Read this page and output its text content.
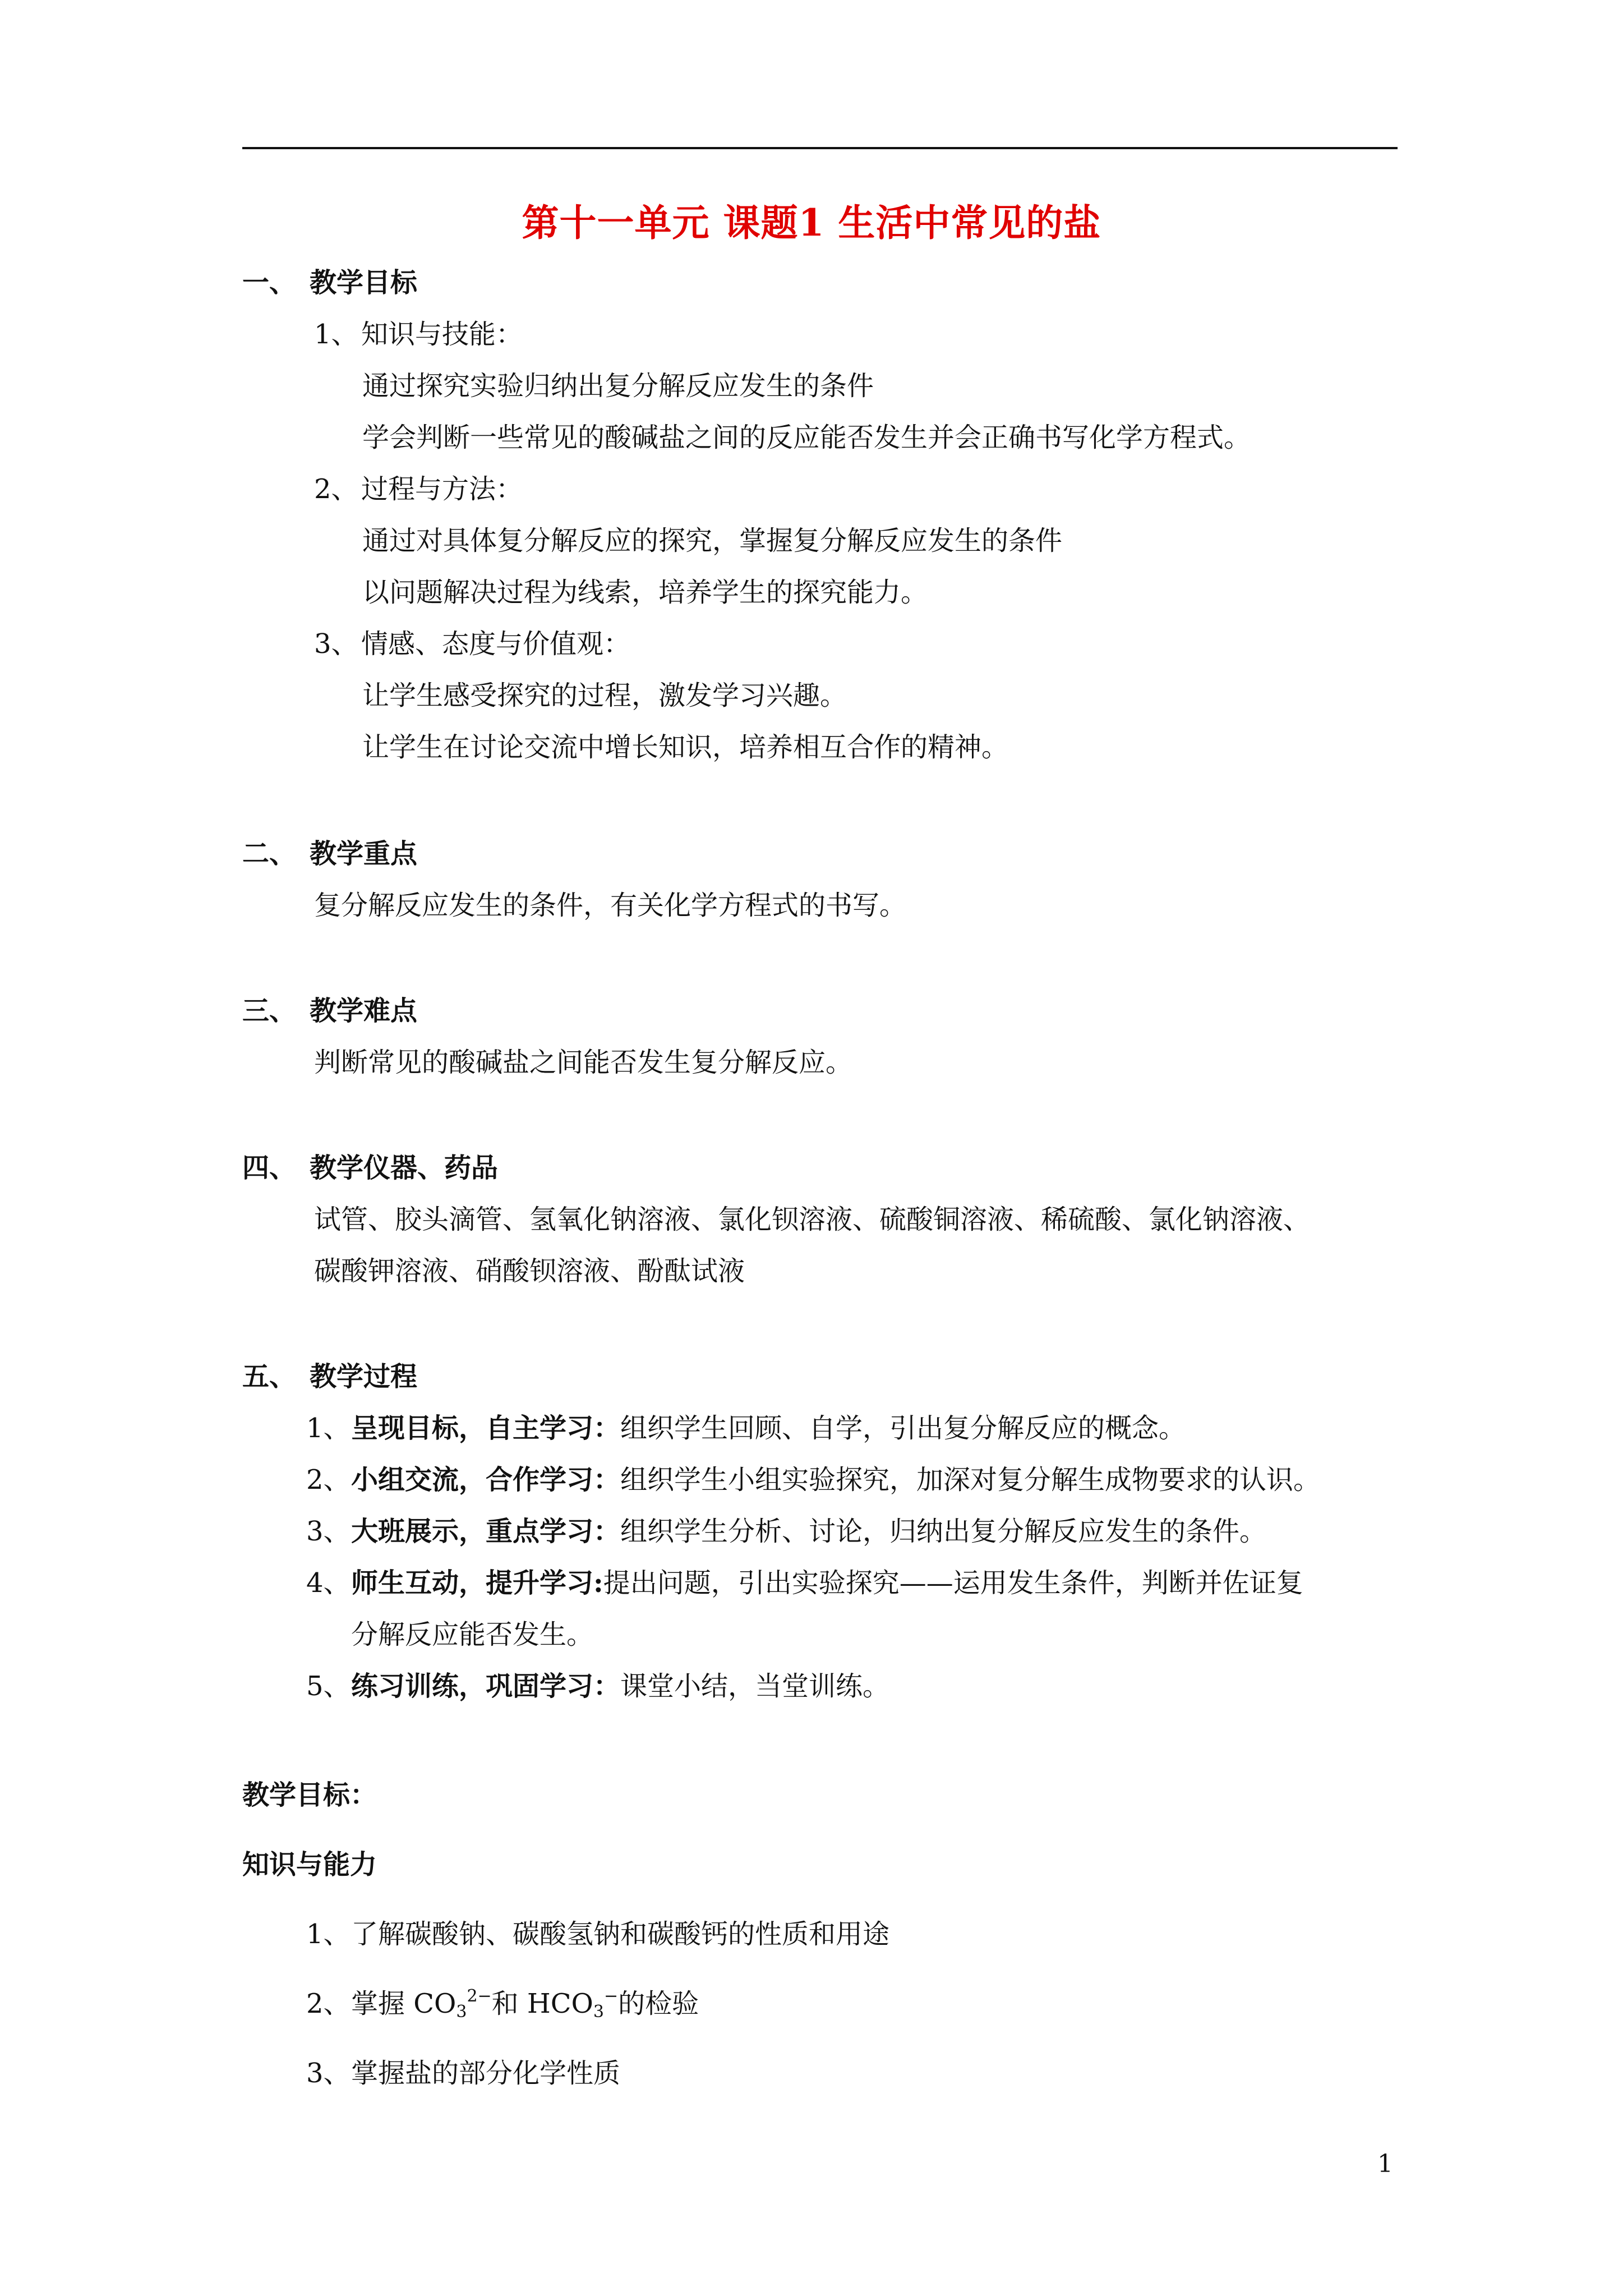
第十一单元 课题1 生活中常见的盐
一、 教学目标
1、 知识与技能：
通过探究实验归纳出复分解反应发生的条件
学会判断一些常见的酸碱盐之间的反应能否发生并会正确书写化学方程式。
2、 过程与方法：
通过对具体复分解反应的探究，掌握复分解反应发生的条件
以问题解决过程为线索，培养学生的探究能力。
3、 情感、态度与价值观：
让学生感受探究的过程，激发学习兴趣。
让学生在讨论交流中增长知识，培养相互合作的精神。
二、 教学重点
复分解反应发生的条件，有关化学方程式的书写。
三、 教学难点
判断常见的酸碱盐之间能否发生复分解反应。
四、 教学仪器、药品
试管、胶头滴管、氢氧化钠溶液、氯化钡溶液、硫酸铜溶液、稀硫酸、氯化钠溶液、
碳酸钾溶液、硝酸钡溶液、酚酞试液
五、 教学过程
1、呈现目标，自主学习：组织学生回顾、自学，引出复分解反应的概念。
2、小组交流，合作学习：组织学生小组实验探究，加深对复分解生成物要求的认识。
3、大班展示，重点学习：组织学生分析、讨论，归纳出复分解反应发生的条件。
4、师生互动，提升学习:提出问题，引出实验探究——运用发生条件，判断并佐证复
分解反应能否发生。
5、练习训练，巩固学习：课堂小结，当堂训练。
教学目标：
知识与能力
1、了解碳酸钠、碳酸氢钠和碳酸钙的性质和用途
2、掌握 $CO_3^{2-}$和 $HCO_3^-$的检验
3、掌握盐的部分化学性质
1
